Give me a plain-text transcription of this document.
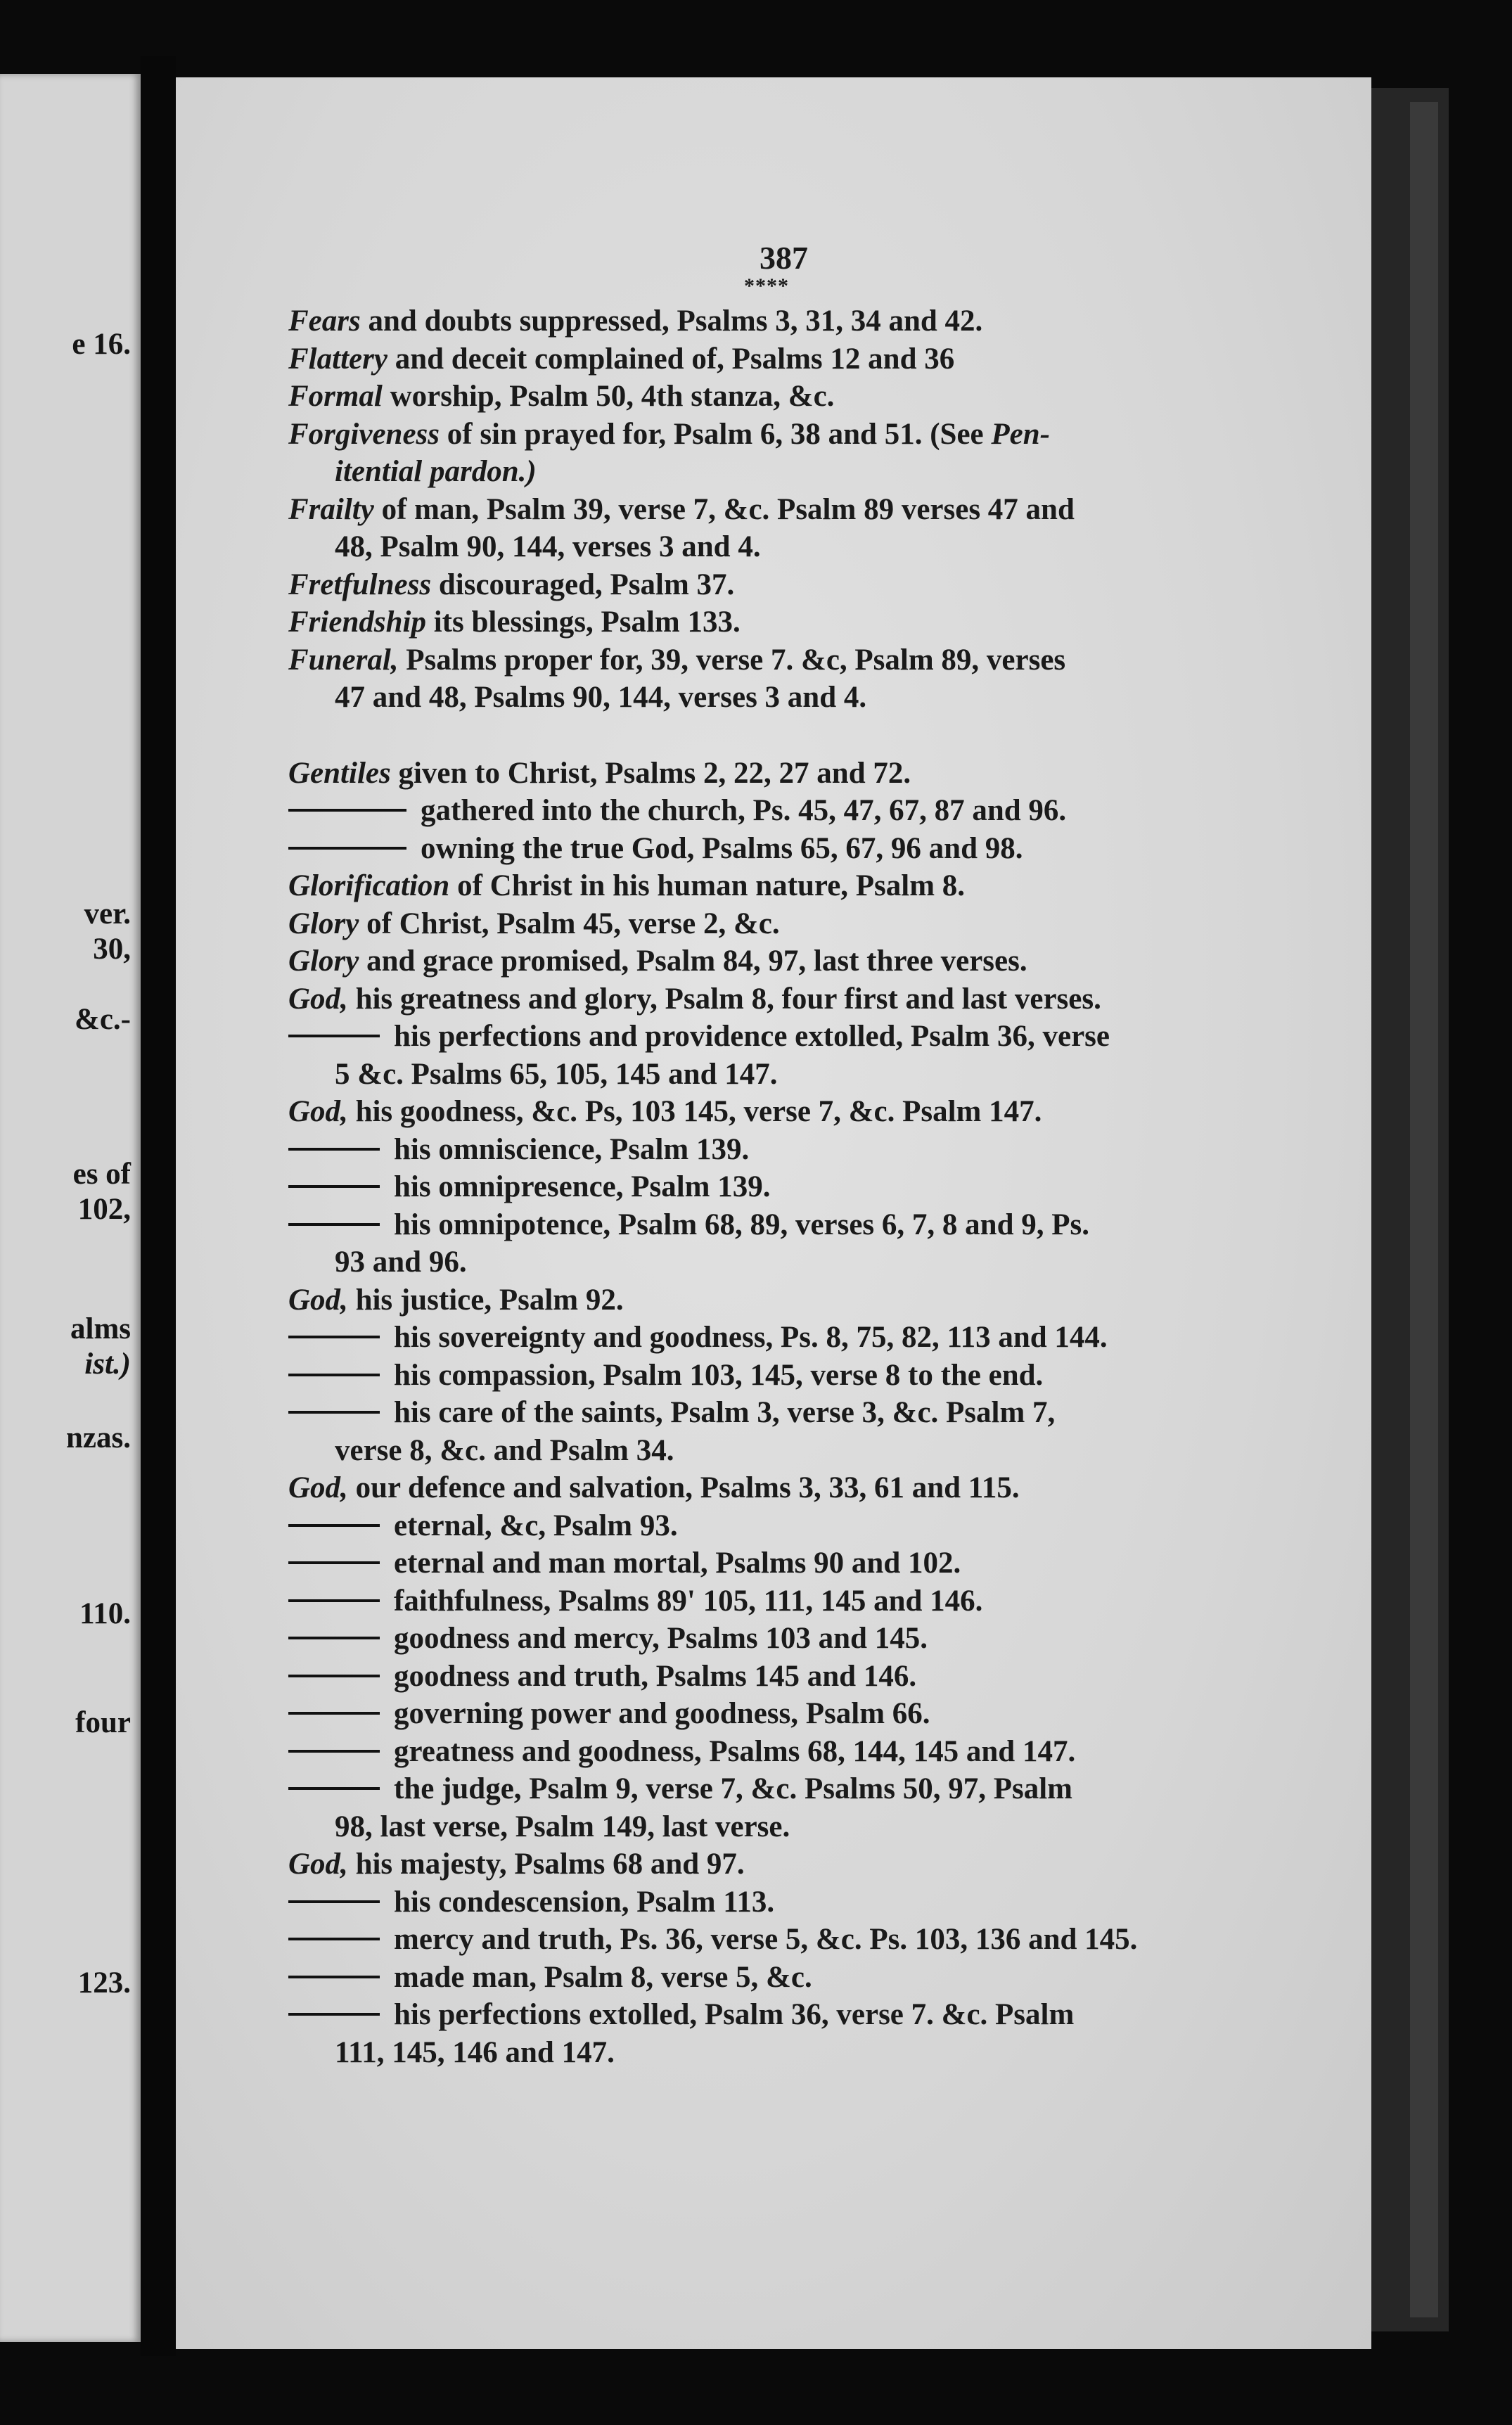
e 16.
ver.
30,
&c.-
es of
102,
alms
ist.)
nzas.
110.
four
123.
387
****
Fears and doubts suppressed, Psalms 3, 31, 34 and 42.
Flattery and deceit complained of, Psalms 12 and 36
Formal worship, Psalm 50, 4th stanza, &c.
Forgiveness of sin prayed for, Psalm 6, 38 and 51. (See Pen-
itential pardon.)
Frailty of man, Psalm 39, verse 7, &c. Psalm 89 verses 47 and
48, Psalm 90, 144, verses 3 and 4.
Fretfulness discouraged, Psalm 37.
Friendship its blessings, Psalm 133.
Funeral, Psalms proper for, 39, verse 7. &c, Psalm 89, verses
47 and 48, Psalms 90, 144, verses 3 and 4.
Gentiles given to Christ, Psalms 2, 22, 27 and 72.
gathered into the church, Ps. 45, 47, 67, 87 and 96.
owning the true God, Psalms 65, 67, 96 and 98.
Glorification of Christ in his human nature, Psalm 8.
Glory of Christ, Psalm 45, verse 2, &c.
Glory and grace promised, Psalm 84, 97, last three verses.
God, his greatness and glory, Psalm 8, four first and last verses.
his perfections and providence extolled, Psalm 36, verse
5 &c. Psalms 65, 105, 145 and 147.
God, his goodness, &c. Ps, 103 145, verse 7, &c. Psalm 147.
his omniscience, Psalm 139.
his omnipresence, Psalm 139.
his omnipotence, Psalm 68, 89, verses 6, 7, 8 and 9, Ps.
93 and 96.
God, his justice, Psalm 92.
his sovereignty and goodness, Ps. 8, 75, 82, 113 and 144.
his compassion, Psalm 103, 145, verse 8 to the end.
his care of the saints, Psalm 3, verse 3, &c. Psalm 7,
verse 8, &c. and Psalm 34.
God, our defence and salvation, Psalms 3, 33, 61 and 115.
eternal, &c, Psalm 93.
eternal and man mortal, Psalms 90 and 102.
faithfulness, Psalms 89' 105, 111, 145 and 146.
goodness and mercy, Psalms 103 and 145.
goodness and truth, Psalms 145 and 146.
governing power and goodness, Psalm 66.
greatness and goodness, Psalms 68, 144, 145 and 147.
the judge, Psalm 9, verse 7, &c. Psalms 50, 97, Psalm
98, last verse, Psalm 149, last verse.
God, his majesty, Psalms 68 and 97.
his condescension, Psalm 113.
mercy and truth, Ps. 36, verse 5, &c. Ps. 103, 136 and 145.
made man, Psalm 8, verse 5, &c.
his perfections extolled, Psalm 36, verse 7. &c. Psalm
111, 145, 146 and 147.
